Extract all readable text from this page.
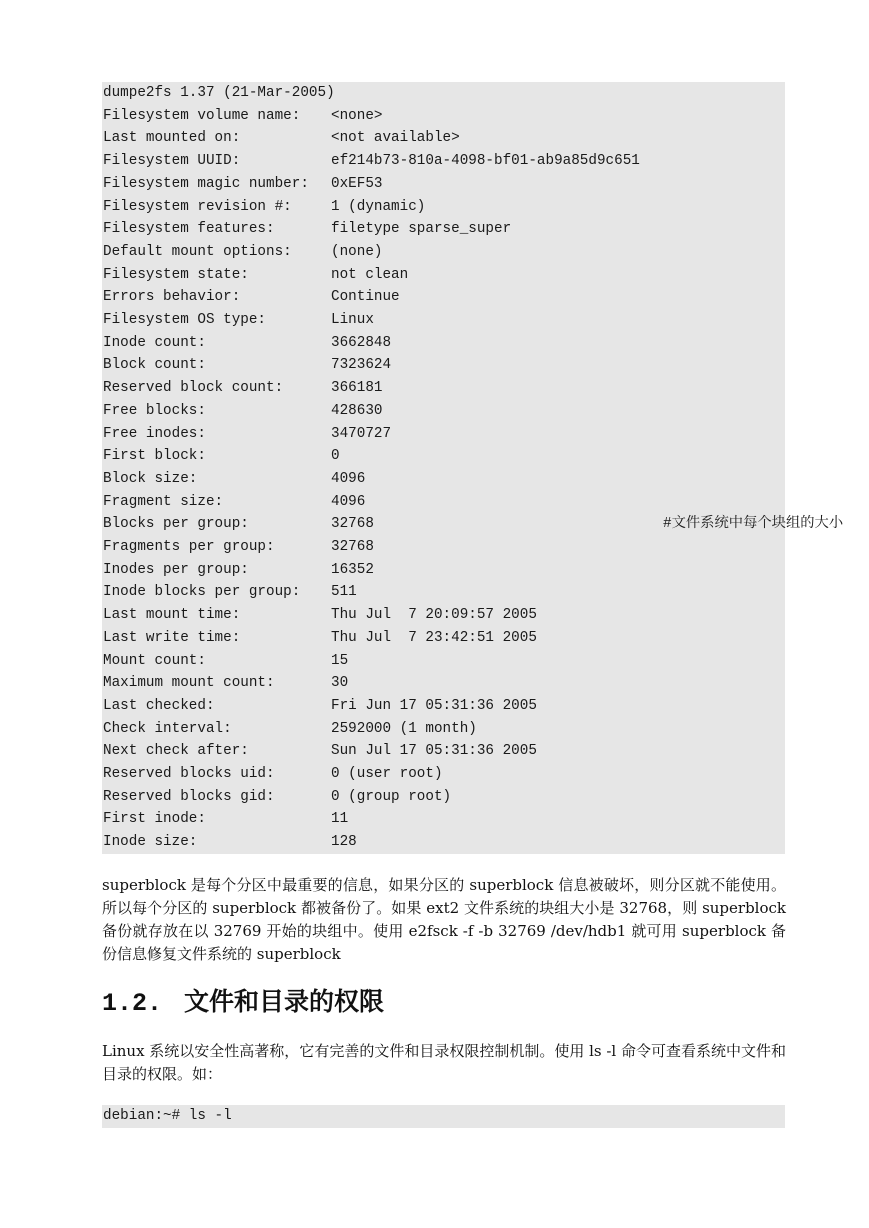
dumpe2fs 1.37 (21-Mar-2005)
Filesystem volume name: <none>
Last mounted on:	<not available>
Filesystem UUID:	ef214b73-810a-4098-bf01-ab9a85d9c651
Filesystem magic number: 0xEF53
Filesystem revision #:	1 (dynamic)
Filesystem features:	filetype sparse_super
Default mount options:	(none)
Filesystem state:	not clean
Errors behavior:	Continue
Filesystem OS type:	Linux
Inode count:	3662848
Block count:	7323624
Reserved block count:	366181
Free blocks:	428630
Free inodes:	3470727
First block:	0
Block size:	4096
Fragment size:	4096
Blocks per group:	32768	#文件系统中每个块组的大小
Fragments per group:	32768
Inodes per group:	16352
Inode blocks per group: 511
Last mount time:	Thu Jul  7 20:09:57 2005
Last write time:	Thu Jul  7 23:42:51 2005
Mount count:	15
Maximum mount count:	30
Last checked:	Fri Jun 17 05:31:36 2005
Check interval:	2592000 (1 month)
Next check after:	Sun Jul 17 05:31:36 2005
Reserved blocks uid:	0 (user root)
Reserved blocks gid:	0 (group root)
First inode:	11
Inode size:	128

superblock 是每个分区中最重要的信息，如果分区的 superblock 信息被破坏，则分区就不能使用。所以每个分区的 superblock 都被备份了。如果 ext2 文件系统的块组大小是 32768，则 superblock 备份就存放在以 32769 开始的块组中。使用 e2fsck -f -b 32769 /dev/hdb1 就可用 superblock 备份信息修复文件系统的 superblock

1.2. 文件和目录的权限

Linux 系统以安全性高著称，它有完善的文件和目录权限控制机制。使用 ls -l 命令可查看系统中文件和目录的权限。如：

debian:~# ls -l
